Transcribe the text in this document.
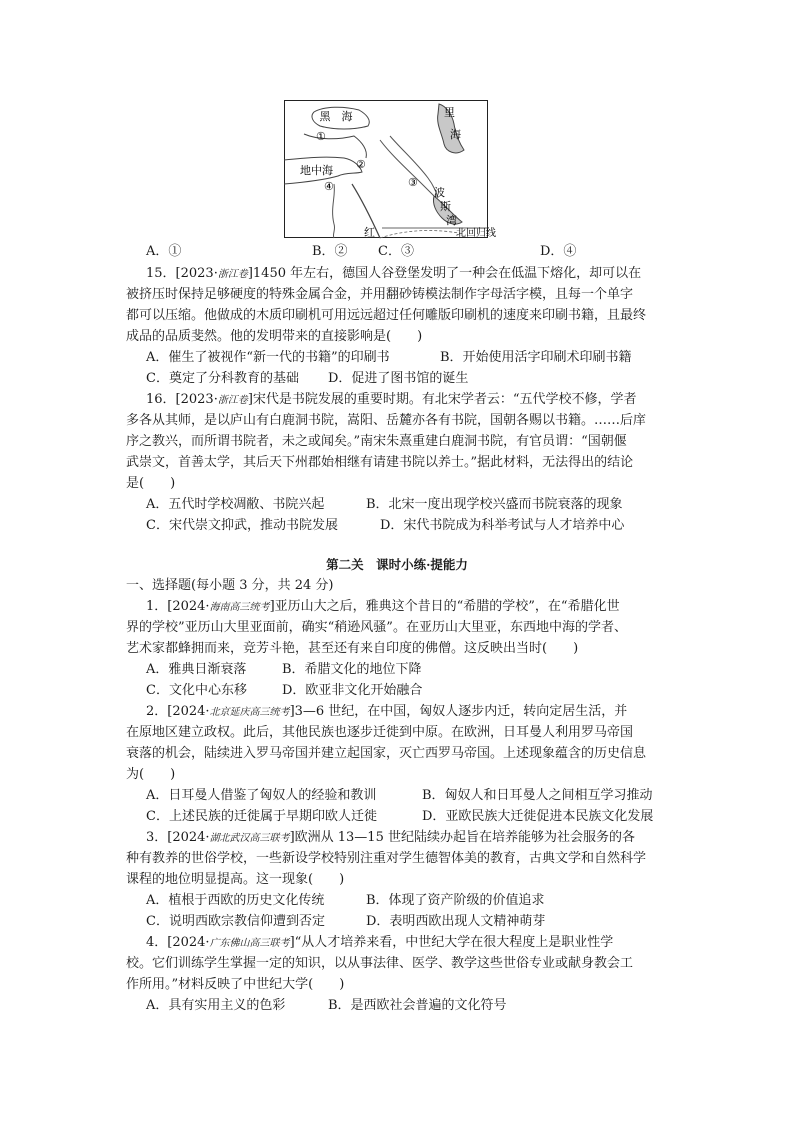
黑　海	里
海
地中海
波
斯
湾
红	北回归线
①
②
③
④
A．①	B．② C．③	D．④
15．[2023·浙江卷]1450 年左右，德国人谷登堡发明了一种会在低温下熔化，却可以在
被挤压时保持足够硬度的特殊金属合金，并用翻砂铸模法制作字母活字模，且每一个单字
都可以压缩。他做成的木质印刷机可用远远超过任何雕版印刷机的速度来印刷书籍，且最终
成品的品质斐然。他的发明带来的直接影响是(　　)
A．催生了被视作“新一代的书籍”的印刷书	B．开始使用活字印刷术印刷书籍
C．奠定了分科教育的基础 D．促进了图书馆的诞生
16．[2023·浙江卷]宋代是书院发展的重要时期。有北宋学者云：“五代学校不修，学者
多各从其师，是以庐山有白鹿洞书院，嵩阳、岳麓亦各有书院，国朝各赐以书籍。……后庠
序之教兴，而所谓书院者，未之或闻矣。”南宋朱熹重建白鹿洞书院，有官员谓：“国朝偃
武崇文，首善太学，其后天下州郡始相继有请建书院以养士。”据此材料，无法得出的结论
是(　　)
A．五代时学校凋敝、书院兴起	B．北宋一度出现学校兴盛而书院衰落的现象
C．宋代崇文抑武，推动书院发展	D．宋代书院成为科举考试与人才培养中心
第二关　课时小练·提能力
一、选择题(每小题 3 分，共 24 分)
1．[2024·海南高三统考]亚历山大之后，雅典这个昔日的“希腊的学校”，在“希腊化世
界的学校”亚历山大里亚面前，确实“稍逊风骚”。在亚历山大里亚，东西地中海的学者、
艺术家都蜂拥而来，竞芳斗艳，甚至还有来自印度的佛僧。这反映出当时(　　)
A．雅典日渐衰落	B．希腊文化的地位下降
C．文化中心东移	D．欧亚非文化开始融合
2．[2024·北京延庆高三统考]3—6 世纪，在中国，匈奴人逐步内迁，转向定居生活，并
在原地区建立政权。此后，其他民族也逐步迁徙到中原。在欧洲，日耳曼人利用罗马帝国
衰落的机会，陆续进入罗马帝国并建立起国家，灭亡西罗马帝国。上述现象蕴含的历史信息
为(　　)
A．日耳曼人借鉴了匈奴人的经验和教训	B．匈奴人和日耳曼人之间相互学习推动
C．上述民族的迁徙属于早期印欧人迁徙	D．亚欧民族大迁徙促进本民族文化发展
3．[2024·湖北武汉高三联考]欧洲从 13—15 世纪陆续办起旨在培养能够为社会服务的各
种有教养的世俗学校，一些新设学校特别注重对学生德智体美的教育，古典文学和自然科学
课程的地位明显提高。这一现象(　　)
A．植根于西欧的历史文化传统	B．体现了资产阶级的价值追求
C．说明西欧宗教信仰遭到否定	D．表明西欧出现人文精神萌芽
4．[2024·广东佛山高三联考]“从人才培养来看，中世纪大学在很大程度上是职业性学
校。它们训练学生掌握一定的知识，以从事法律、医学、教学这些世俗专业或献身教会工
作所用。”材料反映了中世纪大学(　　)
A．具有实用主义的色彩	B．是西欧社会普遍的文化符号
